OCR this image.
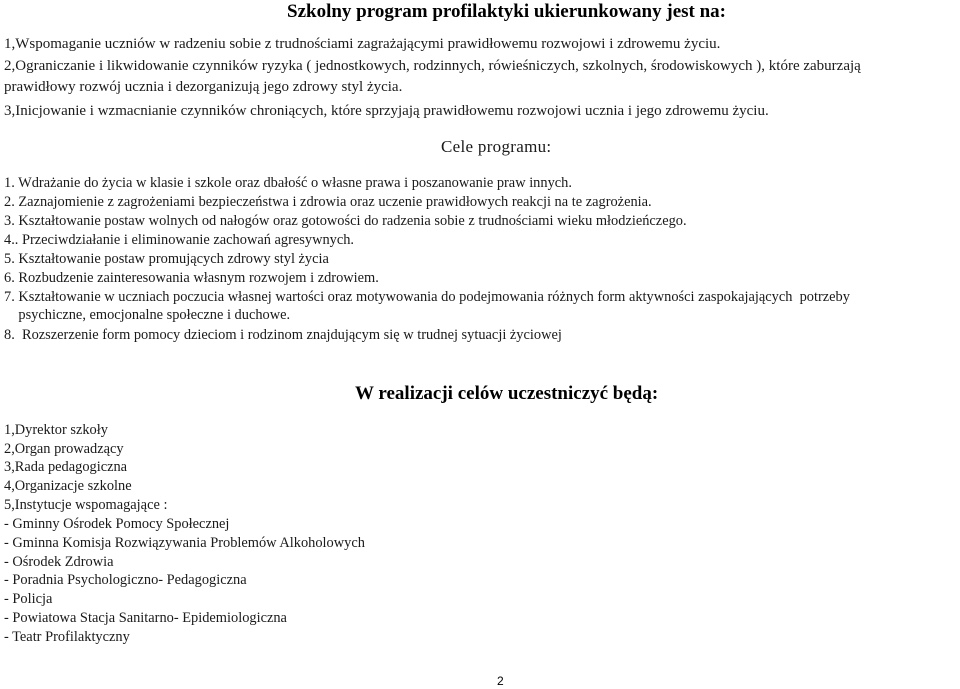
Szkolny program profilaktyki ukierunkowany jest na:
1,Wspomaganie uczniów w radzeniu sobie z trudnościami zagrażającymi prawidłowemu rozwojowi i zdrowemu życiu.
2,Ograniczanie i likwidowanie czynników ryzyka ( jednostkowych, rodzinnych, rówieśniczych, szkolnych, środowiskowych ), które zaburzają
prawidłowy rozwój ucznia i dezorganizują jego zdrowy styl życia.
3,Inicjowanie i wzmacnianie czynników chroniących, które sprzyjają prawidłowemu rozwojowi ucznia i jego zdrowemu życiu.
Cele programu:
1. Wdrażanie do życia w klasie i szkole oraz dbałość o własne prawa i poszanowanie praw innych.
2. Zaznajomienie z zagrożeniami bezpieczeństwa i zdrowia oraz uczenie prawidłowych reakcji na te zagrożenia.
3. Kształtowanie postaw wolnych od nałogów oraz gotowości do radzenia sobie z trudnościami wieku młodzieńczego.
4.. Przeciwdziałanie i eliminowanie zachowań agresywnych.
5. Kształtowanie postaw promujących zdrowy styl życia
6. Rozbudzenie zainteresowania własnym rozwojem i zdrowiem.
7. Kształtowanie w uczniach poczucia własnej wartości oraz motywowania do podejmowania różnych form aktywności zaspokajających  potrzeby
psychiczne, emocjonalne społeczne i duchowe.
8.  Rozszerzenie form pomocy dzieciom i rodzinom znajdującym się w trudnej sytuacji życiowej
W realizacji celów uczestniczyć będą:
1,Dyrektor szkoły
2,Organ prowadzący
3,Rada pedagogiczna
4,Organizacje szkolne
5,Instytucje wspomagające :
- Gminny Ośrodek Pomocy Społecznej
- Gminna Komisja Rozwiązywania Problemów Alkoholowych
- Ośrodek Zdrowia
- Poradnia Psychologiczno- Pedagogiczna
- Policja
- Powiatowa Stacja Sanitarno- Epidemiologiczna
- Teatr Profilaktyczny
2
